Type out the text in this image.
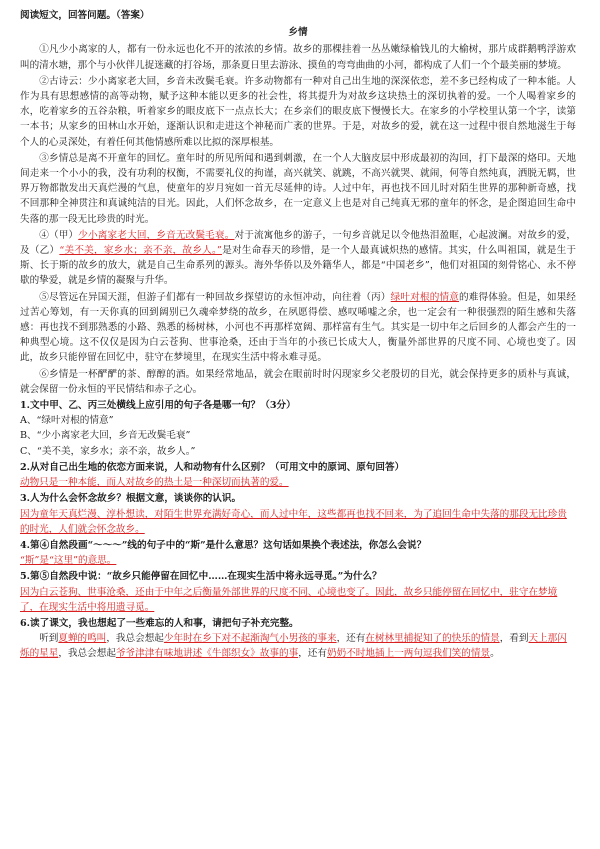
阅读短文，回答问题。（答案）
乡情

①凡少小离家的人，都有一份永远也化不开的浓浓的乡情。故乡的那棵挂着一丛丛嫩绿榆钱儿的大榆树，那片成群鹅鸭浮游欢叫的清水塘，那个与小伙伴儿捉迷藏的打谷场，那条夏日里去游泳、摸鱼的弯弯曲曲的小河，都构成了人们一个个最美丽的梦境。

②古诗云：少小离家老大回，乡音未改鬓毛衰。许多动物都有一种对自己出生地的深深依恋，差不多已经构成了一种本能。人作为具有思想感情的高等动物，赋予这种本能以更多的社会性，将其提升为对故乡这块热土的深切执着的爱。一个人喝着家乡的水，吃着家乡的五谷杂粮，听着家乡的眼皮底下一点点长大；在乡亲们的眼皮底下慢慢长大。在家乡的小学校里认第一个字，读第一本书；从家乡的田林山水开始，逐渐认识和走进这个神秘而广袤的世界。于是，对故乡的爱，就在这一过程中很自然地滋生于每个人的心灵深处，有着任何其他情感所难以比拟的深厚根基。

③乡情总是离不开童年的回忆。童年时的所见所闻和遇到刺激，在一个人大脑皮层中形成最初的沟回，打下最深的烙印。天地间走来一个小小的我，没有功利的权衡，不需要礼仪的拘谨，高兴就笑、就跳，不高兴就哭、就闹，何等自然纯真，洒脱无羁，世界万物都散发出天真烂漫的气息，使童年的岁月宛如一首无尽延伸的诗。人过中年，再也找不回儿时对陌生世界的那种新奇感，找不回那种全神贯注和真诚纯洁的目光。因此，人们怀念故乡，在一定意义上也是对自己纯真无邪的童年的怀念，是企图追回生命中失落的那一段无比珍贵的时光。

④（甲）少小离家老大回，乡音无改鬓毛衰。对于流寓他乡的游子，一句乡音就足以令他热泪盈眶，心起波澜。对故乡的爱，及（乙）“美不美，家乡水；亲不亲，故乡人。”是对生命春天的珍惜，是一个人最真诚炽热的感情。其实，什么叫祖国，就是生于斯、长于斯的故乡的放大，就是自己生命系列的源头。海外华侨以及外籍华人，都是“中国老乡”，他们对祖国的刻骨铭心、永不停歇的挚爱，就是乡情的凝聚与升华。

⑤尽管远在异国天涯，但游子们都有一种回故乡探望访的永恒冲动，向往着（丙）绿叶对根的情意的难得体验。但是，如果经过苦心筹划，有一天你真的回到阔别已久魂牵梦绕的故乡，在夙愿得偿、感叹唏嘘之余，也一定会有一种很强烈的陌生感和失落感：再也找不到那熟悉的小路、熟悉的杨树林，小河也不再那样宽阔、那样富有生气。其实是一切中年之后回乡的人都会产生的一种典型心境。这不仅仅是因为白云苍狗、世事沧桑，还由于当年的小孩已长成大人，衡量外部世界的尺度不同、心境也变了。因此，故乡只能停留在回忆中，驻守在梦境里，在现实生活中将永难寻觅。

⑥乡情是一杯酽酽的茶、醇醇的酒。如果经常地品，就会在眼前时时闪现家乡父老殷切的目光，就会保持更多的质朴与真诚，就会保留一份永恒的平民情结和赤子之心。

1.文中甲、乙、丙三处横线上应引用的句子各是哪一句？（3分）
A、“绿叶对根的情意”
B、“少小离家老大回，乡音无改鬓毛衰”
C、“美不美，家乡水；亲不亲，故乡人。”
2.从对自己出生地的依恋方面来说，人和动物有什么区别？（可用文中的原词、原句回答）
动物只是一种本能，而人对故乡的热土是一种深切而执著的爱。
3.人为什么会怀念故乡？根据文意，谈谈你的认识。
因为童年天真烂漫、淳朴想读，对陌生世界充满好奇心，而人过中年，这些都再也找不回来，为了追回生命中失落的那段无比珍贵的时光，人们就会怀念故乡。
4.第④自然段画“～～～”线的句子中的“斯”是什么意思？这句话如果换个表述法，你怎么会说？
“斯”是“这里”的意思。
5.第⑤自然段中说：“故乡只能停留在回忆中……在现实生活中将永远寻觅。”为什么？
因为白云苍狗、世事沧桑，还由于中年之后衡量外部世界的尺度不同、心境也变了。因此，故乡只能停留在回忆中，驻守在梦境了，在现实生活中将用遗寻觅。
6.读了课文，我也想起了一些难忘的人和事，请把句子补充完整。
听到夏蝉的鸣叫，我总会想起少年时在乡下对不起渐淘气小男孩的事来，还有在树林里捕捉知了的快乐的情景，看到天上那闪烁的星星，我总会想起爷爷津津有味地讲述《牛郎织女》故事的事，还有奶奶不时地插上一两句逗我们笑的情景。
